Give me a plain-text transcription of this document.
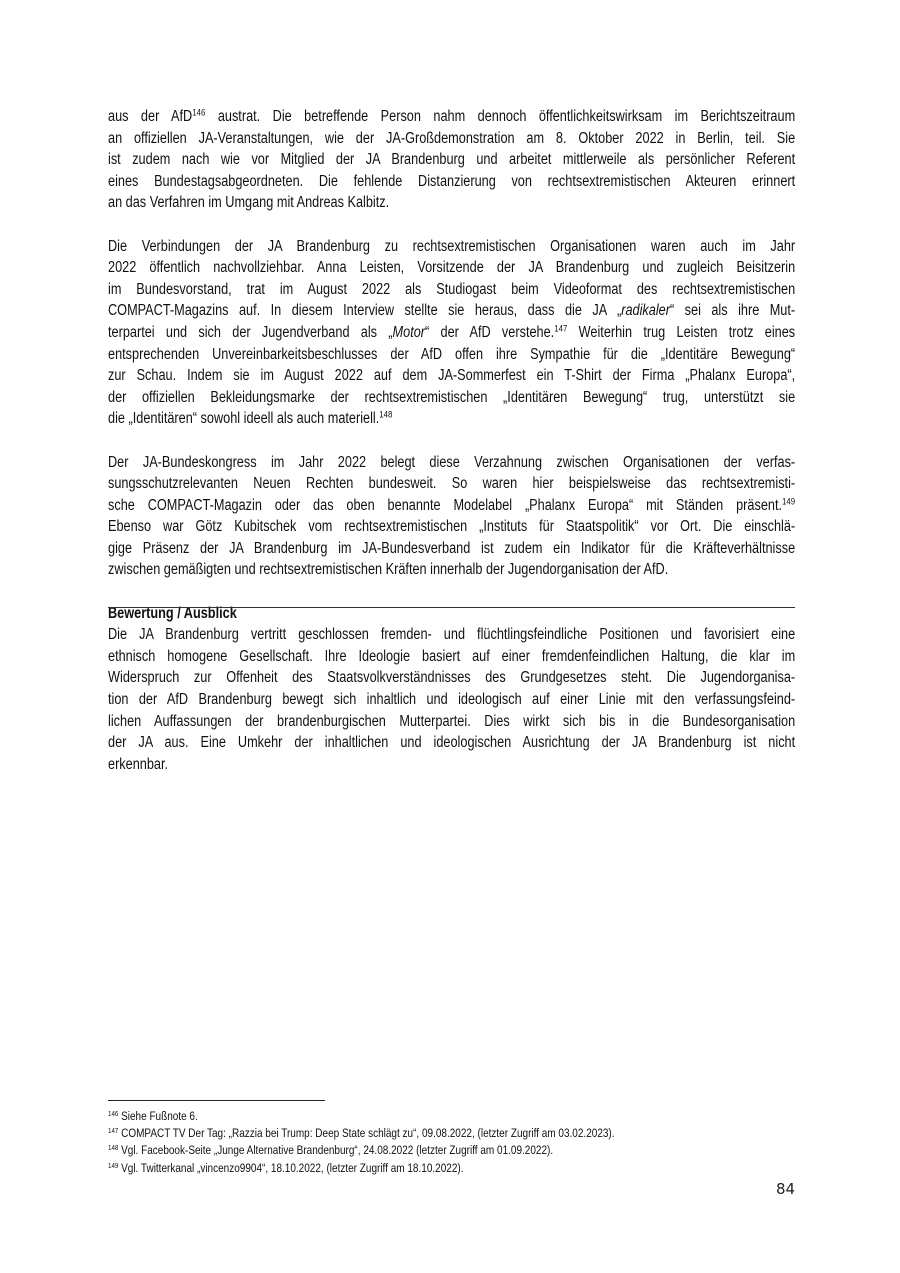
aus der AfD$^{146}$ austrat. Die betreffende Person nahm dennoch öffentlichkeitswirksam im Berichtszeitraum
an offiziellen JA-Veranstaltungen, wie der JA-Großdemonstration am 8. Oktober 2022 in Berlin, teil. Sie
ist zudem nach wie vor Mitglied der JA Brandenburg und arbeitet mittlerweile als persönlicher Referent
eines Bundestagsabgeordneten. Die fehlende Distanzierung von rechtsextremistischen Akteuren erinnert
an das Verfahren im Umgang mit Andreas Kalbitz.
Die Verbindungen der JA Brandenburg zu rechtsextremistischen Organisationen waren auch im Jahr
2022 öffentlich nachvollziehbar. Anna Leisten, Vorsitzende der JA Brandenburg und zugleich Beisitzerin
im Bundesvorstand, trat im August 2022 als Studiogast beim Videoformat des rechtsextremistischen
COMPACT-Magazins auf. In diesem Interview stellte sie heraus, dass die JA „radikaler“ sei als ihre Mut-
terpartei und sich der Jugendverband als „Motor“ der AfD verstehe.$^{147}$ Weiterhin trug Leisten trotz eines
entsprechenden Unvereinbarkeitsbeschlusses der AfD offen ihre Sympathie für die „Identitäre Bewegung“
zur Schau. Indem sie im August 2022 auf dem JA-Sommerfest ein T-Shirt der Firma „Phalanx Europa“,
der offiziellen Bekleidungsmarke der rechtsextremistischen „Identitären Bewegung“ trug, unterstützt sie
die „Identitären“ sowohl ideell als auch materiell.$^{148}$
Der JA-Bundeskongress im Jahr 2022 belegt diese Verzahnung zwischen Organisationen der verfas-
sungsschutzrelevanten Neuen Rechten bundesweit. So waren hier beispielsweise das rechtsextremisti-
sche COMPACT-Magazin oder das oben benannte Modelabel „Phalanx Europa“ mit Ständen präsent.$^{149}$
Ebenso war Götz Kubitschek vom rechtsextremistischen „Instituts für Staatspolitik“ vor Ort. Die einschlä-
gige Präsenz der JA Brandenburg im JA-Bundesverband ist zudem ein Indikator für die Kräfteverhältnisse
zwischen gemäßigten und rechtsextremistischen Kräften innerhalb der Jugendorganisation der AfD.
Bewertung / Ausblick
Die JA Brandenburg vertritt geschlossen fremden- und flüchtlingsfeindliche Positionen und favorisiert eine
ethnisch homogene Gesellschaft. Ihre Ideologie basiert auf einer fremdenfeindlichen Haltung, die klar im
Widerspruch zur Offenheit des Staatsvolkverständnisses des Grundgesetzes steht. Die Jugendorganisa-
tion der AfD Brandenburg bewegt sich inhaltlich und ideologisch auf einer Linie mit den verfassungsfeind-
lichen Auffassungen der brandenburgischen Mutterpartei. Dies wirkt sich bis in die Bundesorganisation
der JA aus. Eine Umkehr der inhaltlichen und ideologischen Ausrichtung der JA Brandenburg ist nicht
erkennbar.
$^{146}$ Siehe Fußnote 6.
$^{147}$ COMPACT TV Der Tag: „Razzia bei Trump: Deep State schlägt zu“, 09.08.2022, (letzter Zugriff am 03.02.2023).
$^{148}$ Vgl. Facebook-Seite „Junge Alternative Brandenburg“, 24.08.2022 (letzter Zugriff am 01.09.2022).
$^{149}$ Vgl. Twitterkanal „vincenzo9904“, 18.10.2022, (letzter Zugriff am 18.10.2022).
84
